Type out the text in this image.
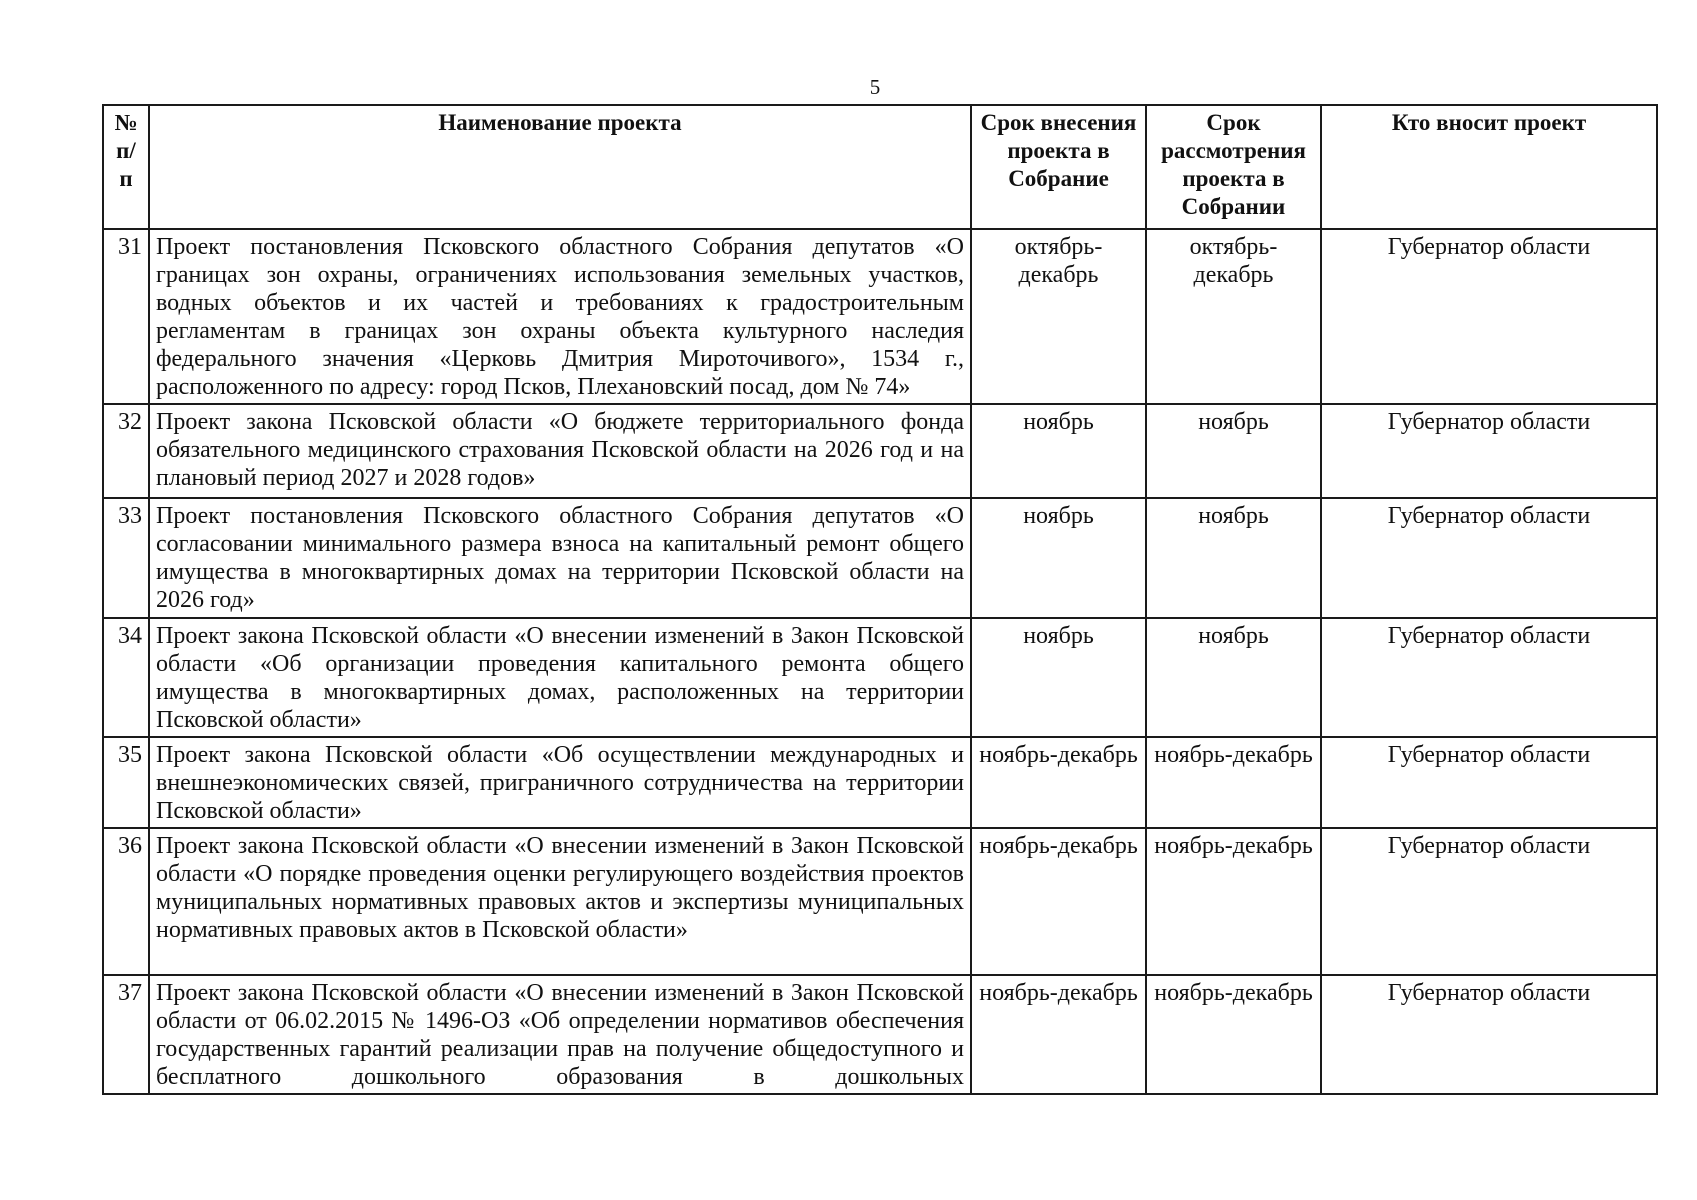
5
№ п/п	Наименование проекта	Срок внесения проекта в Собрание	Срок рассмотрения проекта в Собрании	Кто вносит проект
31	Проект постановления Псковского областного Собрания депутатов «О границах зон охраны, ограничениях использования земельных участков, водных объектов и их частей и требованиях к градостроительным регламентам в границах зон охраны объекта культурного наследия федерального значения «Церковь Дмитрия Мироточивого», 1534 г., расположенного по адресу: город Псков, Плехановский посад, дом № 74»	октябрь-декабрь	октябрь-декабрь	Губернатор области
32	Проект закона Псковской области «О бюджете территориального фонда обязательного медицинского страхования Псковской области на 2026 год и на плановый период 2027 и 2028 годов»	ноябрь	ноябрь	Губернатор области
33	Проект постановления Псковского областного Собрания депутатов «О согласовании минимального размера взноса на капитальный ремонт общего имущества в многоквартирных домах на территории Псковской области на 2026 год»	ноябрь	ноябрь	Губернатор области
34	Проект закона Псковской области «О внесении изменений в Закон Псковской области «Об организации проведения капитального ремонта общего имущества в многоквартирных домах, расположенных на территории Псковской области»	ноябрь	ноябрь	Губернатор области
35	Проект закона Псковской области «Об осуществлении международных и внешнеэкономических связей, приграничного сотрудничества на территории Псковской области»	ноябрь-декабрь	ноябрь-декабрь	Губернатор области
36	Проект закона Псковской области «О внесении изменений в Закон Псковской области «О порядке проведения оценки регулирующего воздействия проектов муниципальных нормативных правовых актов и экспертизы муниципальных нормативных правовых актов в Псковской области»	ноябрь-декабрь	ноябрь-декабрь	Губернатор области
37	Проект закона Псковской области «О внесении изменений в Закон Псковской области от 06.02.2015 № 1496-ОЗ «Об определении нормативов обеспечения государственных гарантий реализации прав на получение общедоступного и бесплатного дошкольного образования в дошкольных	ноябрь-декабрь	ноябрь-декабрь	Губернатор области
